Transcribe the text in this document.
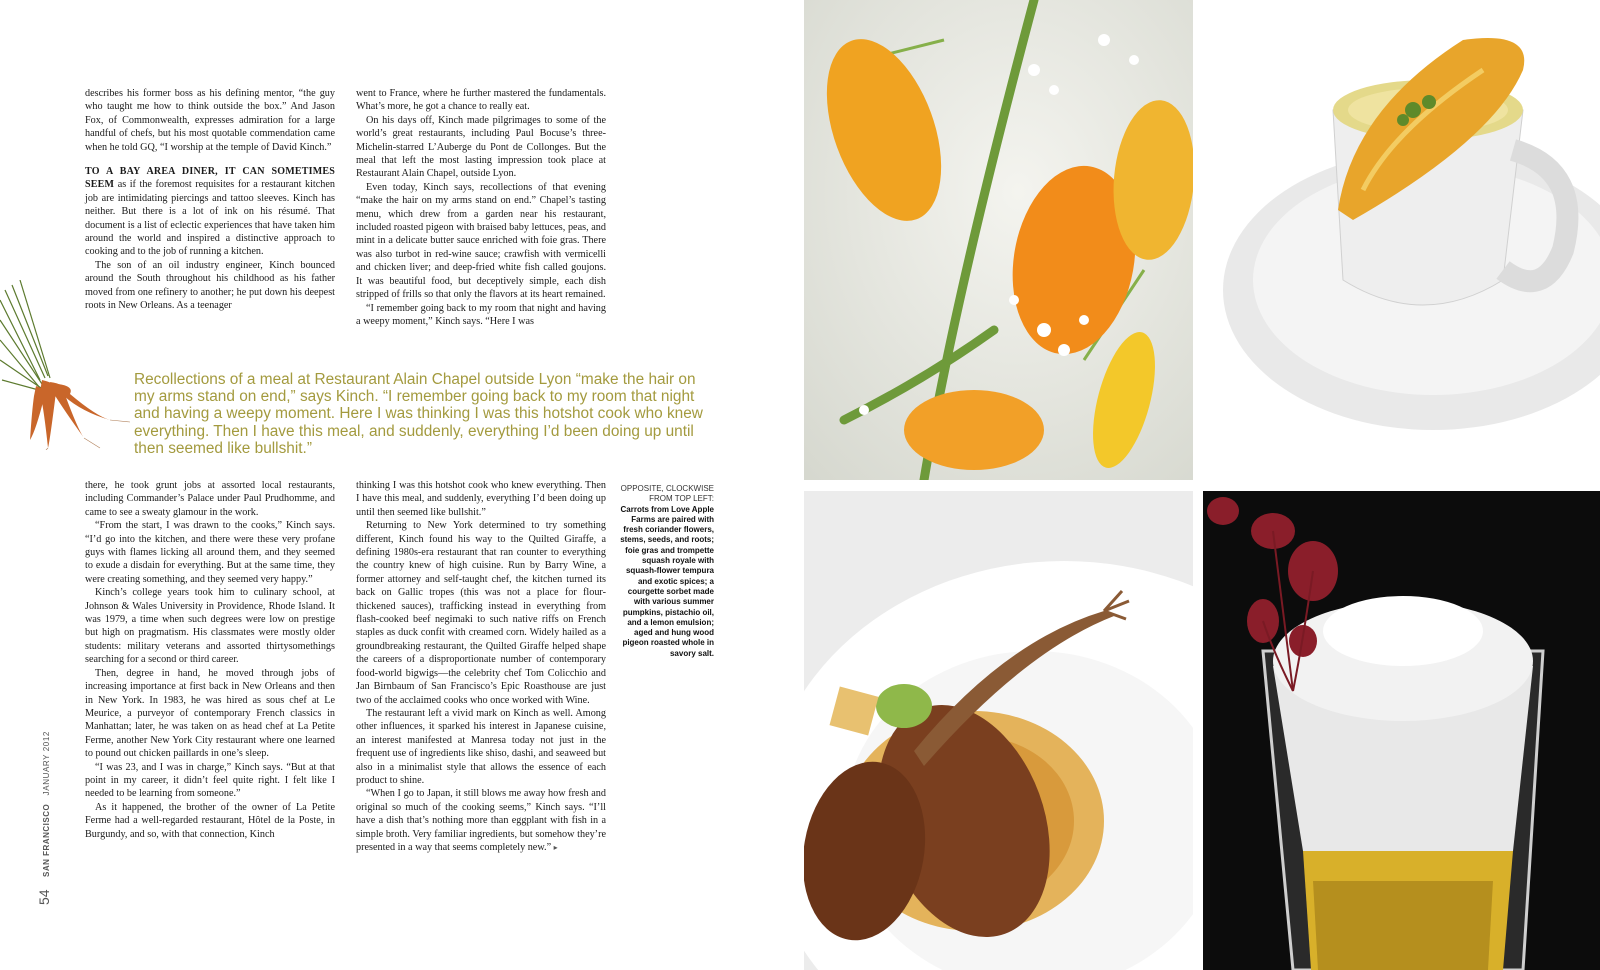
describes his former boss as his defining mentor, “the guy who taught me how to think outside the box.” And Jason Fox, of Commonwealth, expresses admiration for a large handful of chefs, but his most quotable commendation came when he told GQ, “I worship at the temple of David Kinch.”

TO A BAY AREA DINER, IT CAN SOMETIMES SEEM as if the foremost requisites for a restaurant kitchen job are intimidating piercings and tattoo sleeves. Kinch has neither. But there is a lot of ink on his résumé. That document is a list of eclectic experiences that have taken him around the world and inspired a distinctive approach to cooking and to the job of running a kitchen.

The son of an oil industry engineer, Kinch bounced around the South throughout his childhood as his father moved from one refinery to another; he put down his deepest roots in New Orleans. As a teenager

went to France, where he further mastered the fundamentals. What’s more, he got a chance to really eat.

On his days off, Kinch made pilgrimages to some of the world’s great restaurants, including Paul Bocuse’s three-Michelin-starred L’Auberge du Pont de Collonges. But the meal that left the most lasting impression took place at Restaurant Alain Chapel, outside Lyon.

Even today, Kinch says, recollections of that evening “make the hair on my arms stand on end.” Chapel’s tasting menu, which drew from a garden near his restaurant, included roasted pigeon with braised baby lettuces, peas, and mint in a delicate butter sauce enriched with foie gras. There was also turbot in red-wine sauce; crawfish with vermicelli and chicken liver; and deep-fried white fish called goujons. It was beautiful food, but deceptively simple, each dish stripped of frills so that only the flavors at its heart remained.

“I remember going back to my room that night and having a weepy moment,” Kinch says. “Here I was

Recollections of a meal at Restaurant Alain Chapel outside Lyon “make the hair on my arms stand on end,” says Kinch. “I remember going back to my room that night and having a weepy moment. Here I was thinking I was this hotshot cook who knew everything. Then I have this meal, and suddenly, everything I’d been doing up until then seemed like bullshit.”

there, he took grunt jobs at assorted local restaurants, including Commander’s Palace under Paul Prudhomme, and came to see a sweaty glamour in the work.

“From the start, I was drawn to the cooks,” Kinch says. “I’d go into the kitchen, and there were these very profane guys with flames licking all around them, and they seemed to exude a disdain for everything. But at the same time, they were creating something, and they seemed very happy.”

Kinch’s college years took him to culinary school, at Johnson & Wales University in Providence, Rhode Island. It was 1979, a time when such degrees were low on prestige but high on pragmatism. His classmates were mostly older students: military veterans and assorted thirtysomethings searching for a second or third career.

Then, degree in hand, he moved through jobs of increasing importance at first back in New Orleans and then in New York. In 1983, he was hired as sous chef at Le Meurice, a purveyor of contemporary French classics in Manhattan; later, he was taken on as head chef at La Petite Ferme, another New York City restaurant where one learned to pound out chicken paillards in one’s sleep.

“I was 23, and I was in charge,” Kinch says. “But at that point in my career, it didn’t feel quite right. I felt like I needed to be learning from someone.”

As it happened, the brother of the owner of La Petite Ferme had a well-regarded restaurant, Hôtel de la Poste, in Burgundy, and so, with that connection, Kinch

thinking I was this hotshot cook who knew everything. Then I have this meal, and suddenly, everything I’d been doing up until then seemed like bullshit.”

Returning to New York determined to try something different, Kinch found his way to the Quilted Giraffe, a defining 1980s-era restaurant that ran counter to everything the country knew of high cuisine. Run by Barry Wine, a former attorney and self-taught chef, the kitchen turned its back on Gallic tropes (this was not a place for flour-thickened sauces), trafficking instead in everything from flash-cooked beef negimaki to such native riffs on French staples as duck confit with creamed corn. Widely hailed as a groundbreaking restaurant, the Quilted Giraffe helped shape the careers of a disproportionate number of contemporary food-world bigwigs—the celebrity chef Tom Colicchio and Jan Birnbaum of San Francisco’s Epic Roasthouse are just two of the acclaimed cooks who once worked with Wine.

The restaurant left a vivid mark on Kinch as well. Among other influences, it sparked his interest in Japanese cuisine, an interest manifested at Manresa today not just in the frequent use of ingredients like shiso, dashi, and seaweed but also in a minimalist style that allows the essence of each product to shine.

“When I go to Japan, it still blows me away how fresh and original so much of the cooking seems,” Kinch says. “I’ll have a dish that’s nothing more than eggplant with fish in a simple broth. Very familiar ingredients, but somehow they’re presented in a way that seems completely new.” ▸

OPPOSITE, CLOCKWISE FROM TOP LEFT: Carrots from Love Apple Farms are paired with fresh coriander flowers, stems, seeds, and roots; foie gras and trompette squash royale with squash-flower tempura and exotic spices; a courgette sorbet made with various summer pumpkins, pistachio oil, and a lemon emulsion; aged and hung wood pigeon roasted whole in savory salt.
54 SAN FRANCISCO JANUARY 2012
